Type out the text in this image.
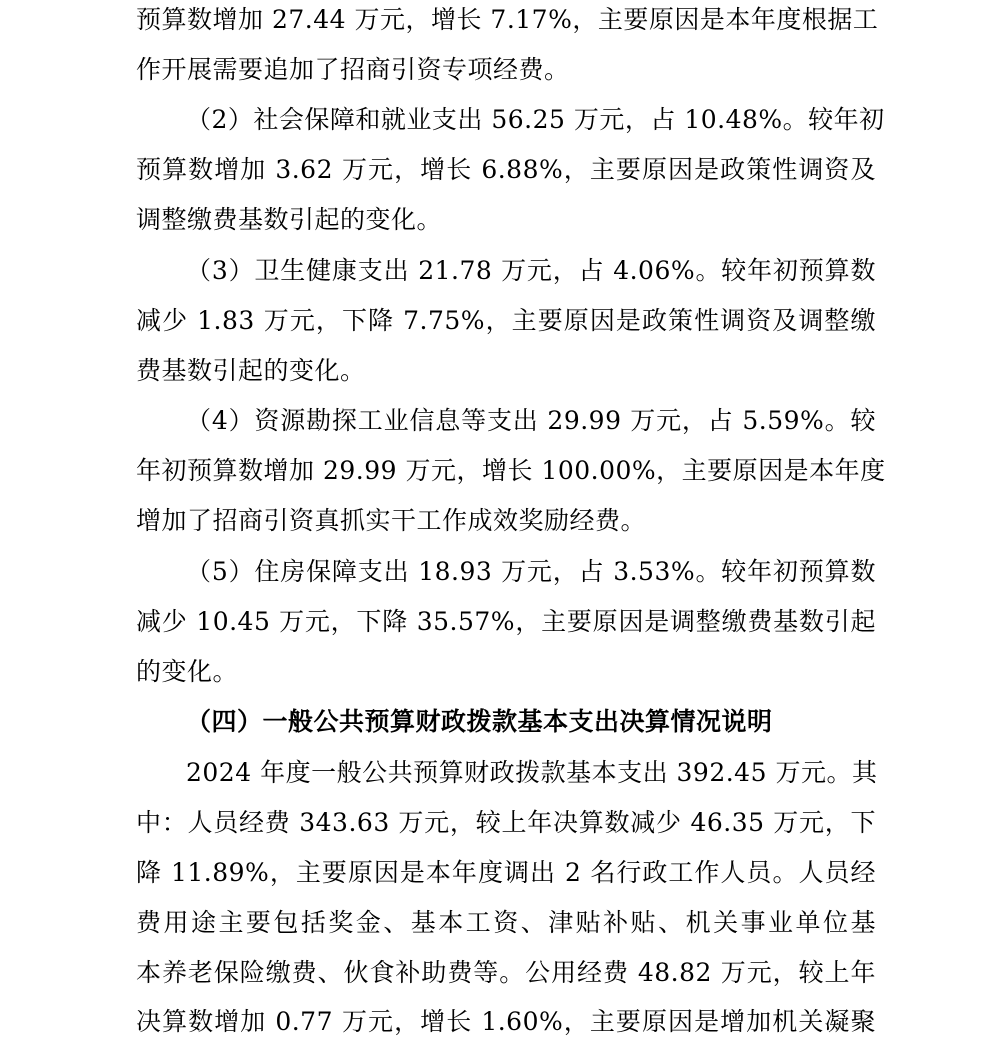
预算数增加 27.44 万元，增长 7.17%，主要原因是本年度根据工
作开展需要追加了招商引资专项经费。
（2）社会保障和就业支出 56.25 万元，占 10.48%。较年初
预算数增加 3.62 万元，增长 6.88%，主要原因是政策性调资及
调整缴费基数引起的变化。
（3）卫生健康支出 21.78 万元，占 4.06%。较年初预算数
减少 1.83 万元，下降 7.75%，主要原因是政策性调资及调整缴
费基数引起的变化。
（4）资源勘探工业信息等支出 29.99 万元，占 5.59%。较
年初预算数增加 29.99 万元，增长 100.00%，主要原因是本年度
增加了招商引资真抓实干工作成效奖励经费。
（5）住房保障支出 18.93 万元，占 3.53%。较年初预算数
减少 10.45 万元，下降 35.57%，主要原因是调整缴费基数引起
的变化。
（四）一般公共预算财政拨款基本支出决算情况说明
2024 年度一般公共预算财政拨款基本支出 392.45 万元。其
中：人员经费 343.63 万元，较上年决算数减少 46.35 万元，下
降 11.89%，主要原因是本年度调出 2 名行政工作人员。人员经
费用途主要包括奖金、基本工资、津贴补贴、机关事业单位基
本养老保险缴费、伙食补助费等。公用经费 48.82 万元，较上年
决算数增加 0.77 万元，增长 1.60%，主要原因是增加机关凝聚
